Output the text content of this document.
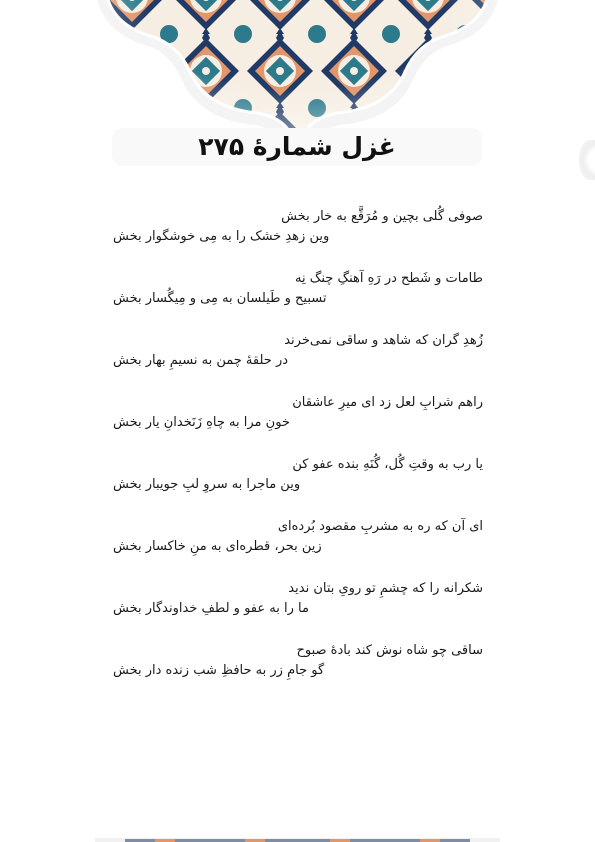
غزل شمارهٔ ۲۷۵
صوفی گُلی بچین و مُرَقَّع به خار بخش
وین زهدِ خشک را به مِی خوشگوار بخش
طامات و شَطح در رَهِ آهنگِ چنگ نِه
تسبیح و طَیلسان به مِی و مِیگُسار بخش
زُهدِ گران که شاهد و ساقی نمی‌خرند
در حلقهٔ چمن به نسیمِ بهار بخش
راهم شرابِ لعل زد ای میرِ عاشقان
خونِ مرا به چاهِ زَنَخدانِ یار بخش
یا رب به وقتِ گُل، گُنَهِ بنده عفو کن
وین ماجرا به سروِ لبِ جویبار بخش
ای آن که ره به مشربِ مقصود بُرده‌ای
زین بحر، قطره‌ای به منِ خاکسار بخش
شکرانه را که چشمِ تو رویِ بتان ندید
ما را به عفو و لطفِ خداوندگار بخش
ساقی چو شاه نوش کند بادهٔ صبوح
گو جامِ زر به حافظِ شب زنده دار بخش
